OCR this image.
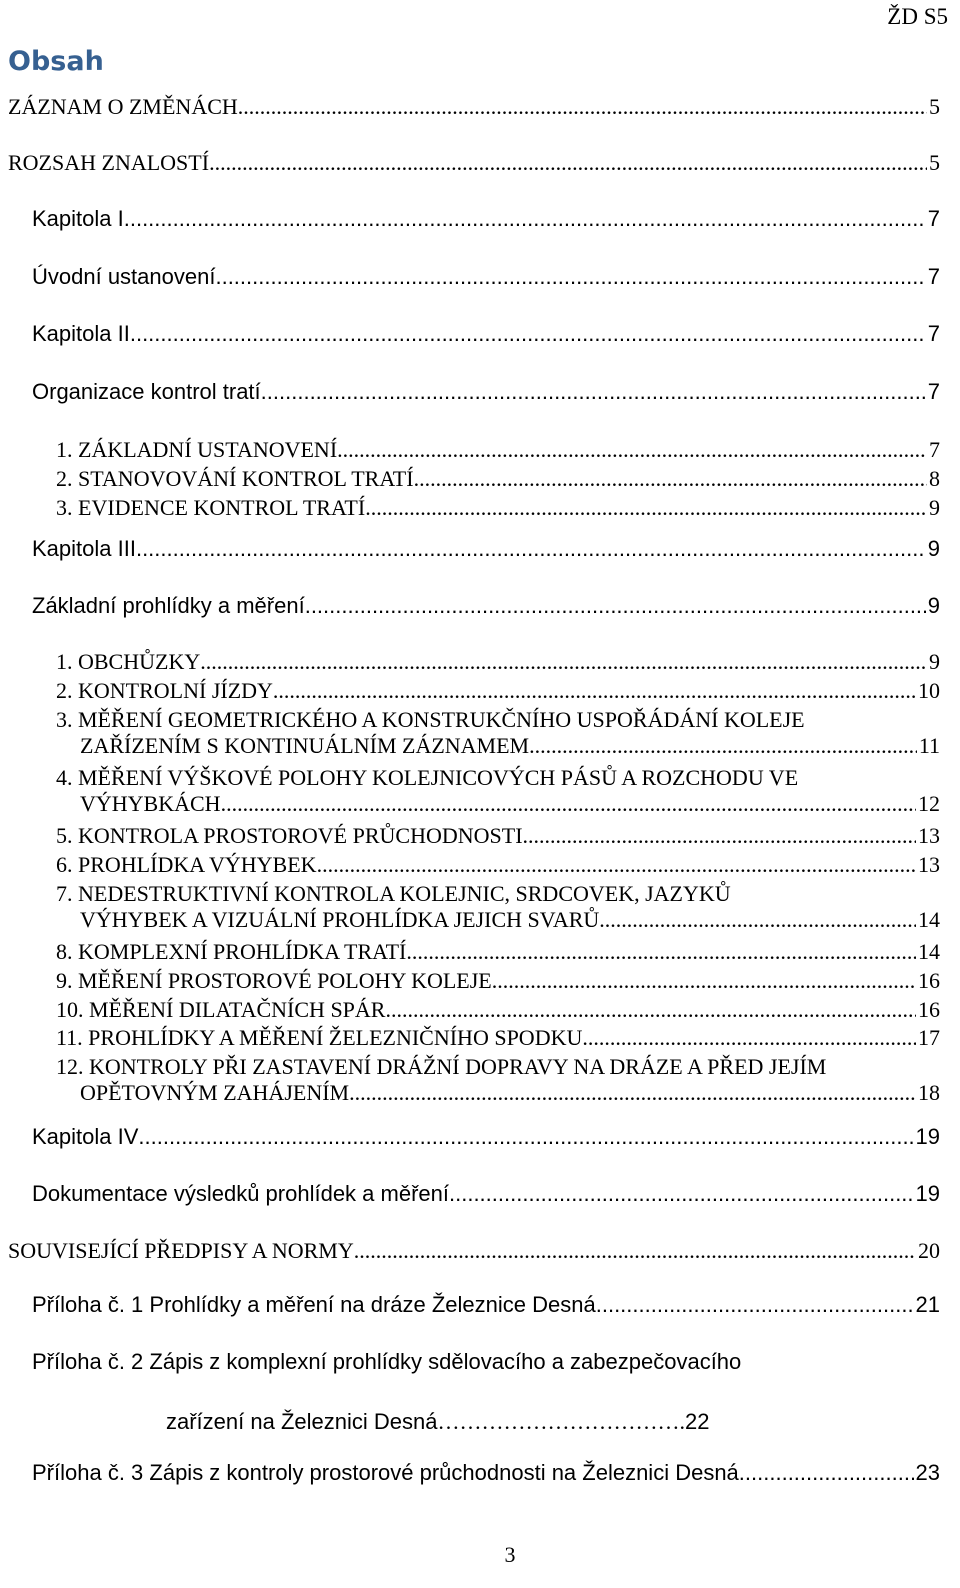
ŽD S5
Obsah
ZÁZNAM O ZMĚNÁCH .....	5
ROZSAH ZNALOSTÍ .....	5
Kapitola I .....	7
Úvodní ustanovení .....	7
Kapitola II .....	7
Organizace kontrol tratí .....	7
1. ZÁKLADNÍ USTANOVENÍ .....	7
2. STANOVOVÁNÍ KONTROL TRATÍ .....	8
3. EVIDENCE KONTROL TRATÍ .....	9
Kapitola III .....	9
Základní prohlídky a měření .....	9
1. OBCHŮZKY .....	9
2. KONTROLNÍ JÍZDY .....	10
3. MĚŘENÍ GEOMETRICKÉHO A KONSTRUKČNÍHO USPOŘÁDÁNÍ KOLEJE
ZAŘÍZENÍM S KONTINUÁLNÍM ZÁZNAMEM .....	11
4. MĚŘENÍ VÝŠKOVÉ POLOHY KOLEJNICOVÝCH PÁSŮ A ROZCHODU VE
VÝHYBKÁCH .....	12
5. KONTROLA PROSTOROVÉ PRŮCHODNOSTI .....	13
6. PROHLÍDKA VÝHYBEK .....	13
7. NEDESTRUKTIVNÍ KONTROLA KOLEJNIC, SRDCOVEK, JAZYKŮ
VÝHYBEK A VIZUÁLNÍ PROHLÍDKA JEJICH SVARŮ .....	14
8. KOMPLEXNÍ PROHLÍDKA TRATÍ .....	14
9. MĚŘENÍ PROSTOROVÉ POLOHY KOLEJE .....	16
10. MĚŘENÍ DILATAČNÍCH SPÁR .....	16
11. PROHLÍDKY A MĚŘENÍ ŽELEZNIČNÍHO SPODKU .....	17
12. KONTROLY PŘI ZASTAVENÍ DRÁŽNÍ DOPRAVY NA DRÁZE A PŘED JEJÍM
OPĚTOVNÝM ZAHÁJENÍM .....	18
Kapitola IV .....	19
Dokumentace výsledků prohlídek a měření .....	19
SOUVISEJÍCÍ PŘEDPISY A NORMY .....	20
Příloha č. 1 Prohlídky a měření na dráze Železnice Desná .....	21
Příloha č. 2 Zápis z komplexní prohlídky sdělovacího a zabezpečovacího
zařízení na Železnici Desná ……………………………. 22
Příloha č. 3 Zápis z kontroly prostorové průchodnosti na Železnici Desná .....	23
3
